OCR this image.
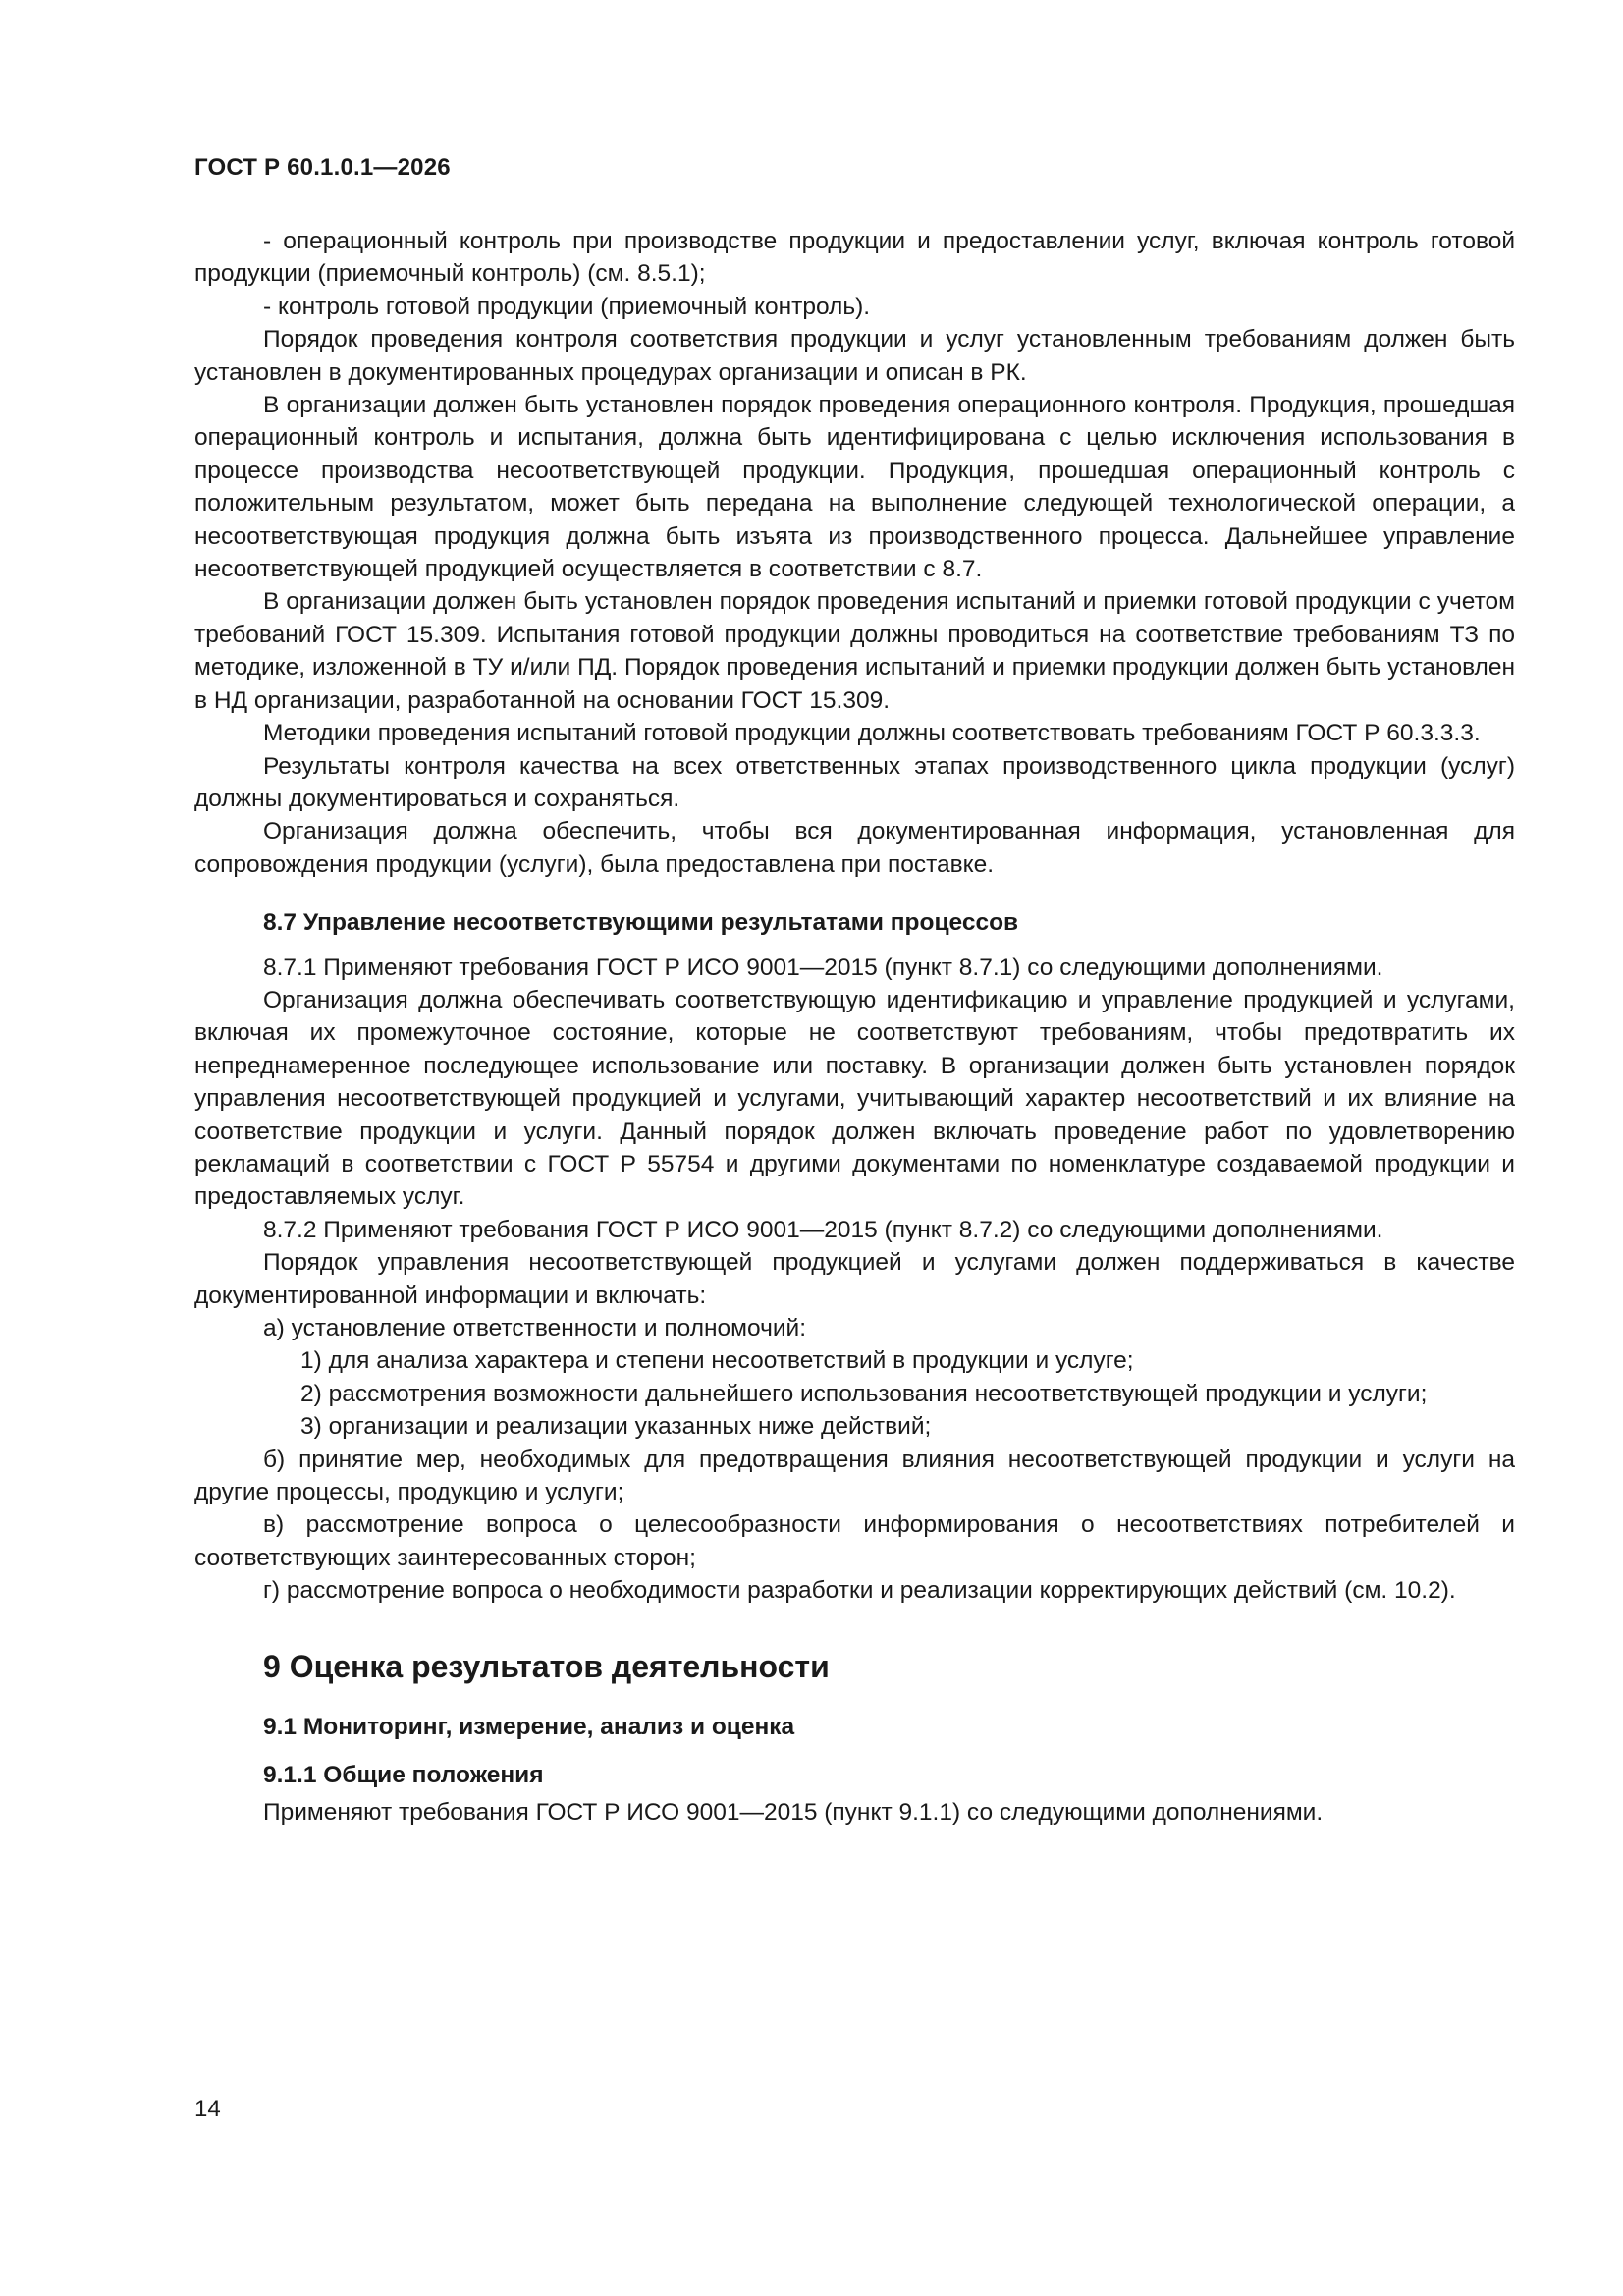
ГОСТ Р 60.1.0.1—2026

- операционный контроль при производстве продукции и предоставлении услуг, включая контроль готовой продукции (приемочный контроль) (см. 8.5.1);

- контроль готовой продукции (приемочный контроль).

Порядок проведения контроля соответствия продукции и услуг установленным требованиям должен быть установлен в документированных процедурах организации и описан в РК.

В организации должен быть установлен порядок проведения операционного контроля. Продукция, прошедшая операционный контроль и испытания, должна быть идентифицирована с целью исключения использования в процессе производства несоответствующей продукции. Продукция, прошедшая операционный контроль с положительным результатом, может быть передана на выполнение следующей технологической операции, а несоответствующая продукция должна быть изъята из производственного процесса. Дальнейшее управление несоответствующей продукцией осуществляется в соответствии с 8.7.

В организации должен быть установлен порядок проведения испытаний и приемки готовой продукции с учетом требований ГОСТ 15.309. Испытания готовой продукции должны проводиться на соответствие требованиям ТЗ по методике, изложенной в ТУ и/или ПД. Порядок проведения испытаний и приемки продукции должен быть установлен в НД организации, разработанной на основании ГОСТ 15.309.

Методики проведения испытаний готовой продукции должны соответствовать требованиям ГОСТ Р 60.3.3.3.

Результаты контроля качества на всех ответственных этапах производственного цикла продукции (услуг) должны документироваться и сохраняться.

Организация должна обеспечить, чтобы вся документированная информация, установленная для сопровождения продукции (услуги), была предоставлена при поставке.

8.7 Управление несоответствующими результатами процессов

8.7.1 Применяют требования ГОСТ Р ИСО 9001—2015 (пункт 8.7.1) со следующими дополнениями.

Организация должна обеспечивать соответствующую идентификацию и управление продукцией и услугами, включая их промежуточное состояние, которые не соответствуют требованиям, чтобы предотвратить их непреднамеренное последующее использование или поставку. В организации должен быть установлен порядок управления несоответствующей продукцией и услугами, учитывающий характер несоответствий и их влияние на соответствие продукции и услуги. Данный порядок должен включать проведение работ по удовлетворению рекламаций в соответствии с ГОСТ Р 55754 и другими документами по номенклатуре создаваемой продукции и предоставляемых услуг.

8.7.2 Применяют требования ГОСТ Р ИСО 9001—2015 (пункт 8.7.2) со следующими дополнениями.

Порядок управления несоответствующей продукцией и услугами должен поддерживаться в качестве документированной информации и включать:

а) установление ответственности и полномочий:

1) для анализа характера и степени несоответствий в продукции и услуге;

2) рассмотрения возможности дальнейшего использования несоответствующей продукции и услуги;

3) организации и реализации указанных ниже действий;

б) принятие мер, необходимых для предотвращения влияния несоответствующей продукции и услуги на другие процессы, продукцию и услуги;

в) рассмотрение вопроса о целесообразности информирования о несоответствиях потребителей и соответствующих заинтересованных сторон;

г) рассмотрение вопроса о необходимости разработки и реализации корректирующих действий (см. 10.2).

9 Оценка результатов деятельности

9.1 Мониторинг, измерение, анализ и оценка

9.1.1 Общие положения

Применяют требования ГОСТ Р ИСО 9001—2015 (пункт 9.1.1) со следующими дополнениями.

14
